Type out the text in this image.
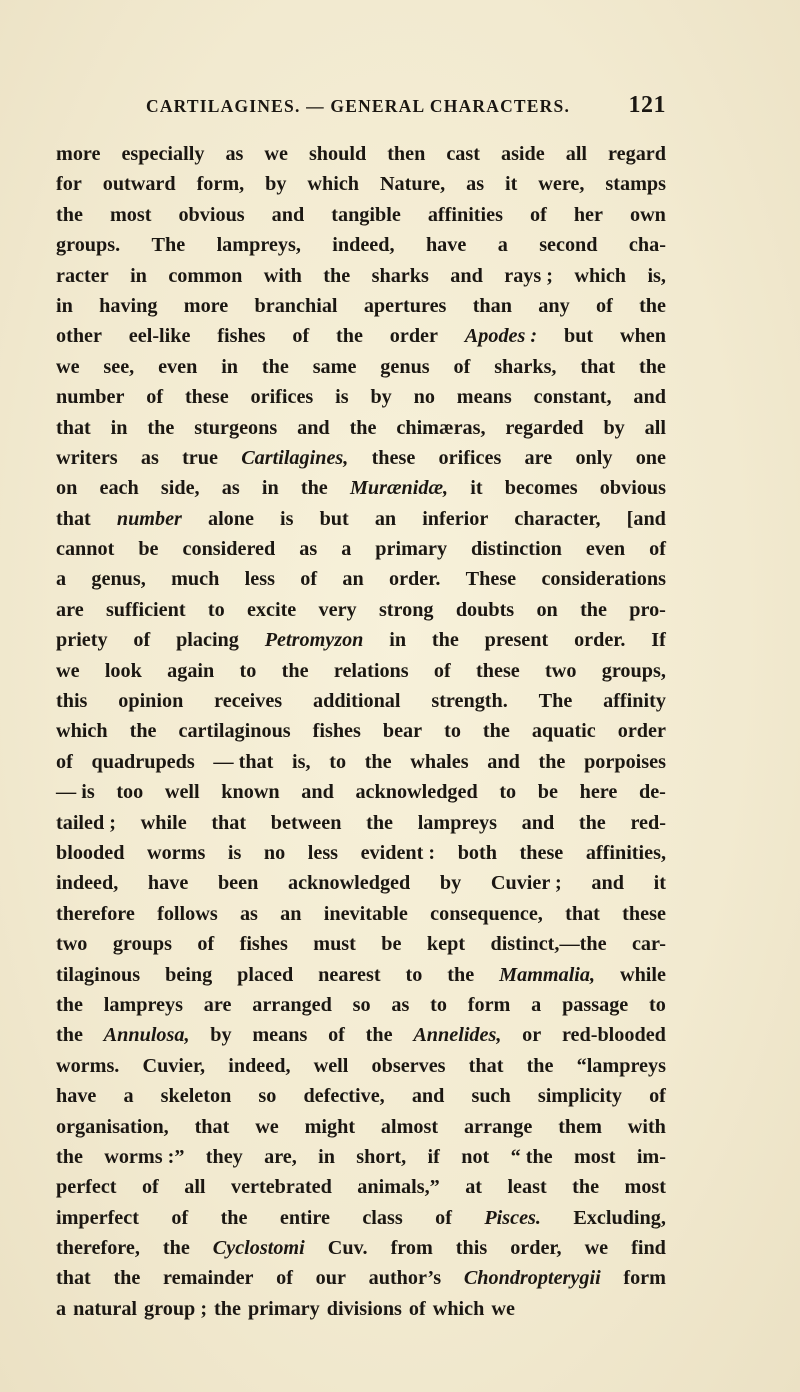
CARTILAGINES. — GENERAL CHARACTERS.	121
more especially as we should then cast aside all regard
for outward form, by which Nature, as it were, stamps
the most obvious and tangible affinities of her own
groups. The lampreys, indeed, have a second cha-
racter in common with the sharks and rays ; which is,
in having more branchial apertures than any of the
other eel-like fishes of the order Apodes : but when
we see, even in the same genus of sharks, that the
number of these orifices is by no means constant, and
that in the sturgeons and the chimæras, regarded by all
writers as true Cartilagines, these orifices are only one
on each side, as in the Murænidæ, it becomes obvious
that number alone is but an inferior character, [and
cannot be considered as a primary distinction even of
a genus, much less of an order. These considerations
are sufficient to excite very strong doubts on the pro-
priety of placing Petromyzon in the present order. If
we look again to the relations of these two groups,
this opinion receives additional strength. The affinity
which the cartilaginous fishes bear to the aquatic order
of quadrupeds — that is, to the whales and the porpoises
— is too well known and acknowledged to be here de-
tailed ; while that between the lampreys and the red-
blooded worms is no less evident : both these affinities,
indeed, have been acknowledged by Cuvier ; and it
therefore follows as an inevitable consequence, that these
two groups of fishes must be kept distinct,—the car-
tilaginous being placed nearest to the Mammalia, while
the lampreys are arranged so as to form a passage to
the Annulosa, by means of the Annelides, or red-blooded
worms. Cuvier, indeed, well observes that the “lampreys
have a skeleton so defective, and such simplicity of
organisation, that we might almost arrange them with
the worms :” they are, in short, if not “ the most im-
perfect of all vertebrated animals,” at least the most
imperfect of the entire class of Pisces. Excluding,
therefore, the Cyclostomi Cuv. from this order, we find
that the remainder of our author’s Chondropterygii form
a natural group ; the primary divisions of which we
